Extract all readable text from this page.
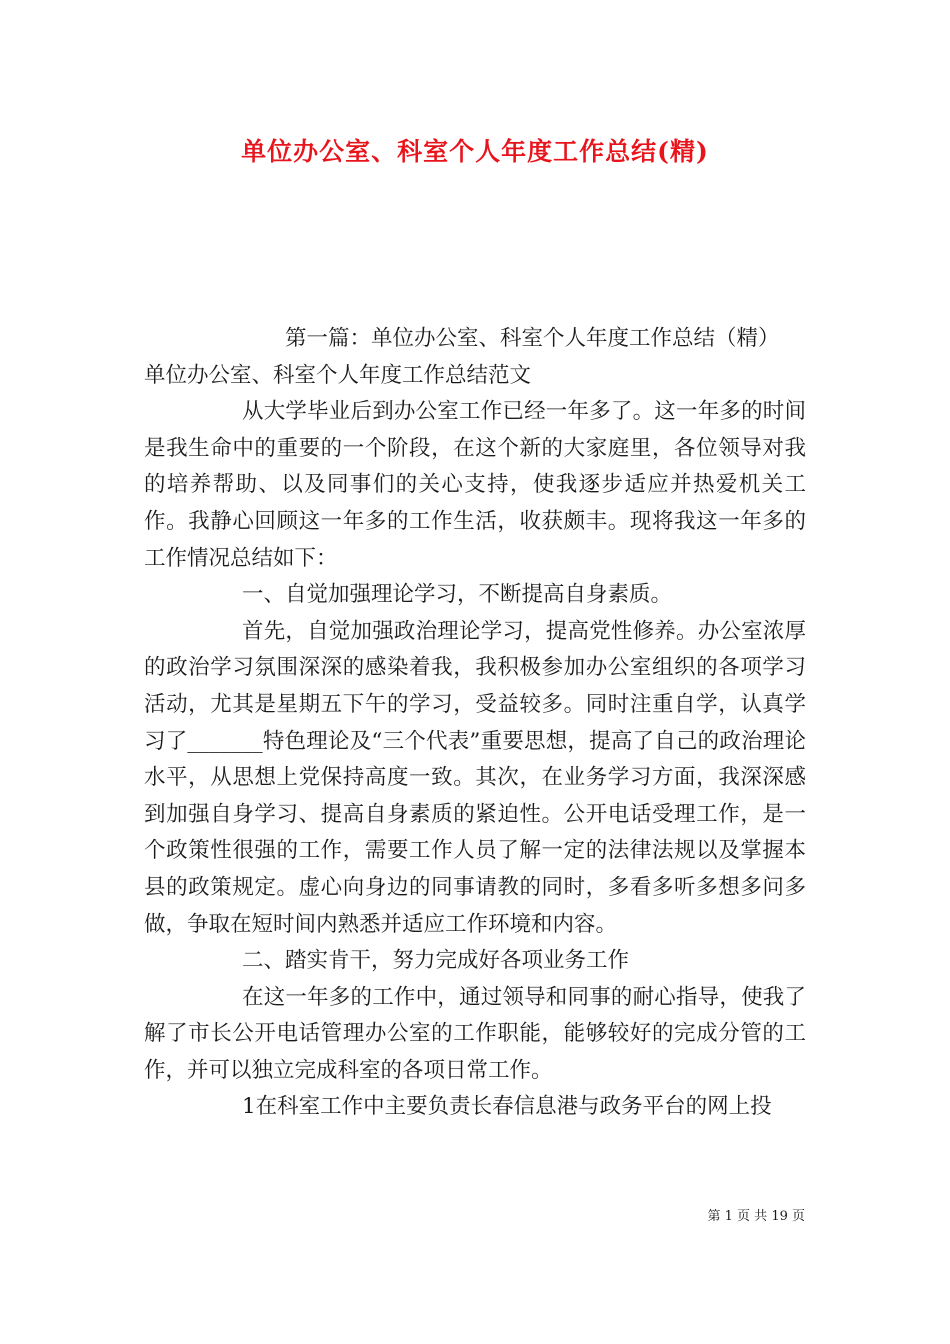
单位办公室、科室个人年度工作总结(精)

第一篇：单位办公室、科室个人年度工作总结（精）

单位办公室、科室个人年度工作总结范文

从大学毕业后到办公室工作已经一年多了。这一年多的时间是我生命中的重要的一个阶段，在这个新的大家庭里，各位领导对我的培养帮助、以及同事们的关心支持，使我逐步适应并热爱机关工作。我静心回顾这一年多的工作生活，收获颇丰。现将我这一年多的工作情况总结如下：

一、自觉加强理论学习，不断提高自身素质。

首先，自觉加强政治理论学习，提高党性修养。办公室浓厚的政治学习氛围深深的感染着我，我积极参加办公室组织的各项学习活动，尤其是星期五下午的学习，受益较多。同时注重自学，认真学习了_______特色理论及“三个代表”重要思想，提高了自己的政治理论水平，从思想上党保持高度一致。其次，在业务学习方面，我深深感到加强自身学习、提高自身素质的紧迫性。公开电话受理工作，是一个政策性很强的工作，需要工作人员了解一定的法律法规以及掌握本县的政策规定。虚心向身边的同事请教的同时，多看多听多想多问多做，争取在短时间内熟悉并适应工作环境和内容。

二、踏实肯干，努力完成好各项业务工作

在这一年多的工作中，通过领导和同事的耐心指导，使我了解了市长公开电话管理办公室的工作职能，能够较好的完成分管的工作，并可以独立完成科室的各项日常工作。

1在科室工作中主要负责长春信息港与政务平台的网上投

第 1 页 共 19 页
